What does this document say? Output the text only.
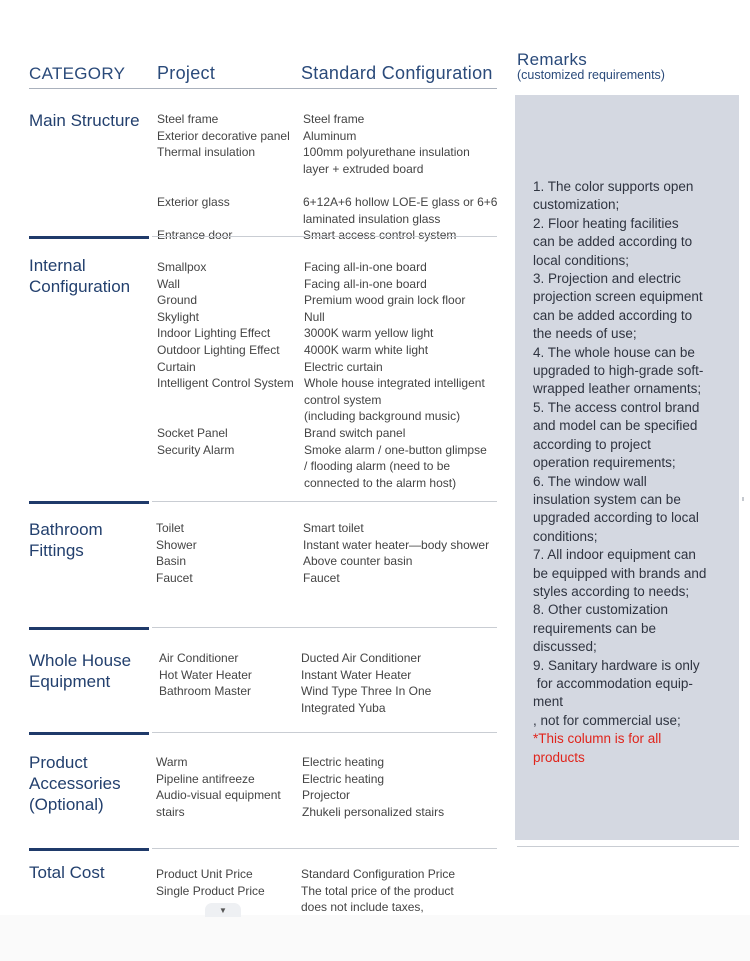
CATEGORY Project	Standard Configuration
Remarks
(customized requirements)
1. The color supports open
customization;
2. Floor heating facilities
can be added according to
local conditions;
3. Projection and electric
projection screen equipment
can be added according to
the needs of use;
4. The whole house can be
upgraded to high-grade soft-
wrapped leather ornaments;
5. The access control brand
and model can be specified
according to project
operation requirements;
6. The window wall
insulation system can be
upgraded according to local
conditions;
7. All indoor equipment can
be equipped with brands and
styles according to needs;
8. Other customization
requirements can be
discussed;
9. Sanitary hardware is only
for accommodation equip-
ment
, not for commercial use;
*This column is for all
products
Main Structure Steel frame
Exterior decorative panel
Thermal insulation

Exterior glass

Steel frame
Aluminum
100mm polyurethane insulation
layer + extruded board

6+12A+6 hollow LOE-E glass or 6+6
laminated insulation glass
Internal
Configuration
Smallpox
Wall
Ground
Skylight
Indoor Lighting Effect
Outdoor Lighting Effect
Curtain
Intelligent Control System

Socket Panel
Security Alarm
Facing all-in-one board
Facing all-in-one board
Premium wood grain lock floor
Null
3000K warm yellow light
4000K warm white light
Electric curtain
Whole house integrated intelligent
control system
(including background music)
Brand switch panel
Smoke alarm / one-button glimpse
/ flooding alarm (need to be
connected to the alarm host)
Bathroom
Fittings
Toilet
Shower
Basin
Faucet
Smart toilet
Instant water heater—body shower
Above counter basin
Faucet
Whole House
Equipment
Air Conditioner
Hot Water Heater
Bathroom Master
Ducted Air Conditioner
Instant Water Heater
Wind Type Three In One
Integrated Yuba
Product
Accessories
(Optional)
Warm
Pipeline antifreeze
Audio-visual equipment
stairs
Electric heating
Electric heating
Projector
Zhukeli personalized stairs
Total Cost	Product Unit Price
Single Product Price
Standard Configuration Price
The total price of the product
does not include taxes,
▼
